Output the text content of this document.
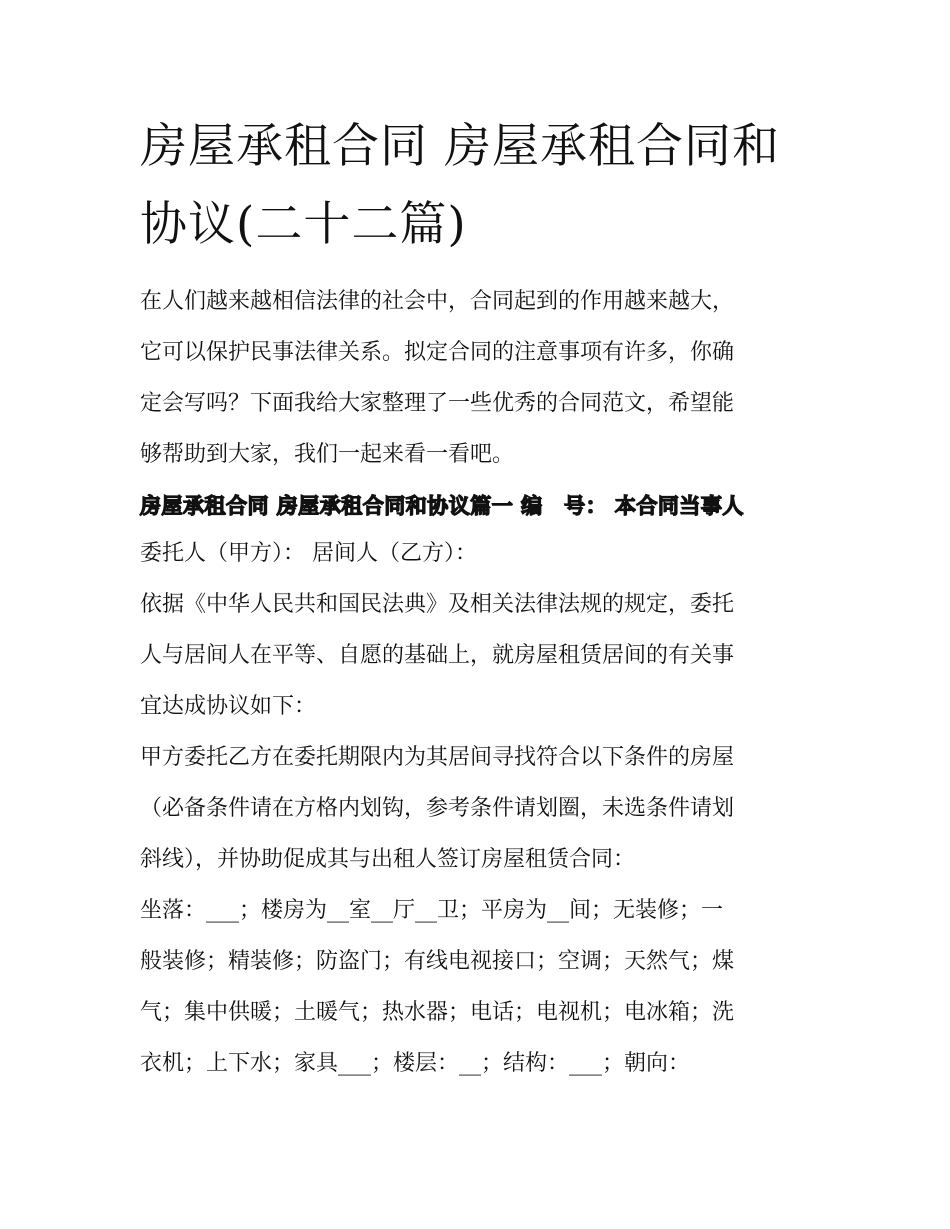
房屋承租合同 房屋承租合同和
协议(二十二篇)
在人们越来越相信法律的社会中，合同起到的作用越来越大，
它可以保护民事法律关系。拟定合同的注意事项有许多，你确
定会写吗？下面我给大家整理了一些优秀的合同范文，希望能
够帮助到大家，我们一起来看一看吧。
房屋承租合同 房屋承租合同和协议篇一 编　号： 本合同当事人
委托人（甲方）： 居间人（乙方）：
依据《中华人民共和国民法典》及相关法律法规的规定，委托
人与居间人在平等、自愿的基础上，就房屋租赁居间的有关事
宜达成协议如下：
甲方委托乙方在委托期限内为其居间寻找符合以下条件的房屋
（必备条件请在方格内划钩，参考条件请划圈，未选条件请划
斜线），并协助促成其与出租人签订房屋租赁合同：
坐落：___；楼房为__室__厅__卫；平房为__间；无装修；一
般装修；精装修；防盗门；有线电视接口；空调；天然气；煤
气；集中供暖；土暖气；热水器；电话；电视机；电冰箱；洗
衣机；上下水；家具___；楼层：__；结构：___；朝向：
